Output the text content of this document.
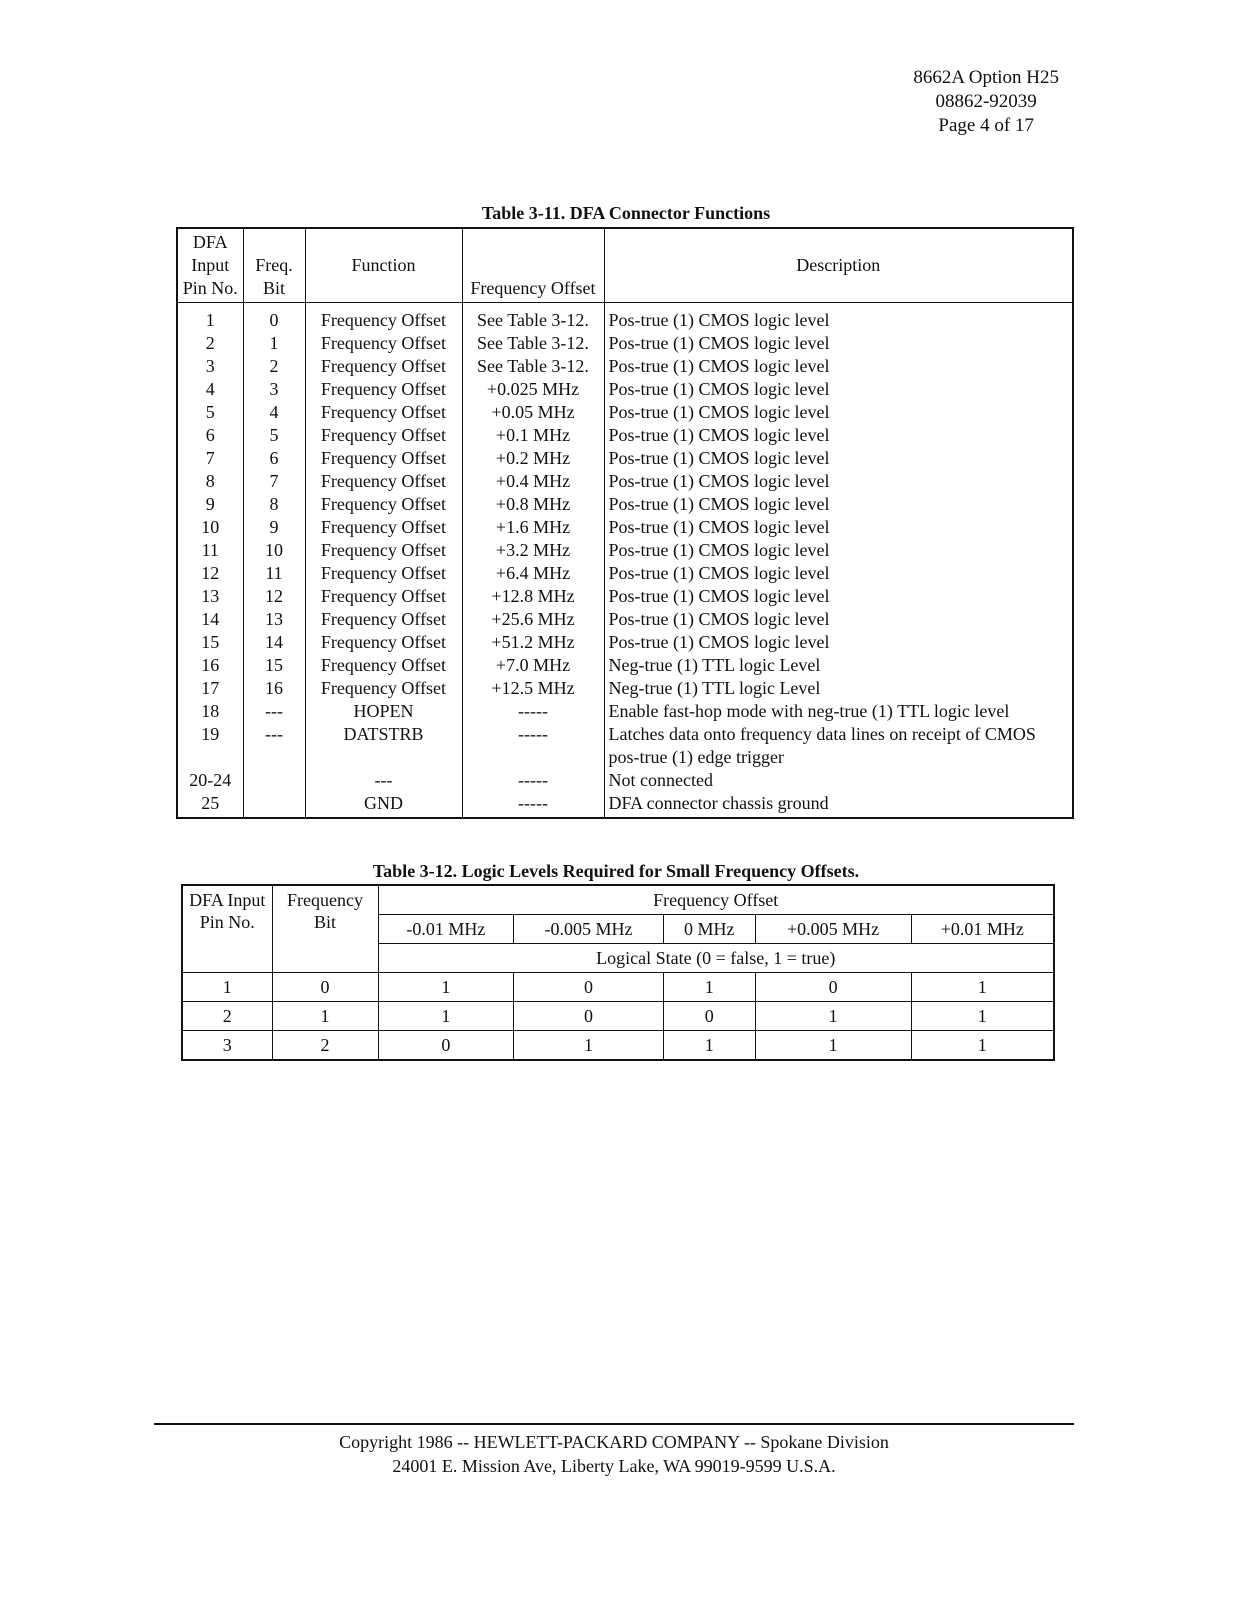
8662A Option H25
08862-92039
Page 4 of 17
Table 3-11. DFA Connector Functions
DFA Input Pin No.	Freq. Bit	Function	Frequency Offset	Description
1	0	Frequency Offset	See Table 3-12.	Pos-true (1) CMOS logic level
2	1	Frequency Offset	See Table 3-12.	Pos-true (1) CMOS logic level
3	2	Frequency Offset	See Table 3-12.	Pos-true (1) CMOS logic level
4	3	Frequency Offset	+0.025 MHz	Pos-true (1) CMOS logic level
5	4	Frequency Offset	+0.05 MHz	Pos-true (1) CMOS logic level
6	5	Frequency Offset	+0.1 MHz	Pos-true (1) CMOS logic level
7	6	Frequency Offset	+0.2 MHz	Pos-true (1) CMOS logic level
8	7	Frequency Offset	+0.4 MHz	Pos-true (1) CMOS logic level
9	8	Frequency Offset	+0.8 MHz	Pos-true (1) CMOS logic level
10	9	Frequency Offset	+1.6 MHz	Pos-true (1) CMOS logic level
11	10	Frequency Offset	+3.2 MHz	Pos-true (1) CMOS logic level
12	11	Frequency Offset	+6.4 MHz	Pos-true (1) CMOS logic level
13	12	Frequency Offset	+12.8 MHz	Pos-true (1) CMOS logic level
14	13	Frequency Offset	+25.6 MHz	Pos-true (1) CMOS logic level
15	14	Frequency Offset	+51.2 MHz	Pos-true (1) CMOS logic level
16	15	Frequency Offset	+7.0 MHz	Neg-true (1) TTL logic Level
17	16	Frequency Offset	+12.5 MHz	Neg-true (1) TTL logic Level
18	---	HOPEN	-----	Enable fast-hop mode with neg-true (1) TTL logic level
19	---	DATSTRB	-----	Latches data onto frequency data lines on receipt of CMOS pos-true (1) edge trigger
20-24		---	-----	Not connected
25		GND	-----	DFA connector chassis ground
Table 3-12. Logic Levels Required for Small Frequency Offsets.
DFA Input Pin No.	Frequency Bit	Frequency Offset				
		-0.01 MHz	-0.005 MHz	0 MHz	+0.005 MHz	+0.01 MHz
		Logical State (0 = false, 1 = true)				
1	0	1	0	1	0	1
2	1	1	0	0	1	1
3	2	0	1	1	1	1
Copyright 1986 -- HEWLETT-PACKARD COMPANY -- Spokane Division
24001 E. Mission Ave, Liberty Lake, WA 99019-9599 U.S.A.
